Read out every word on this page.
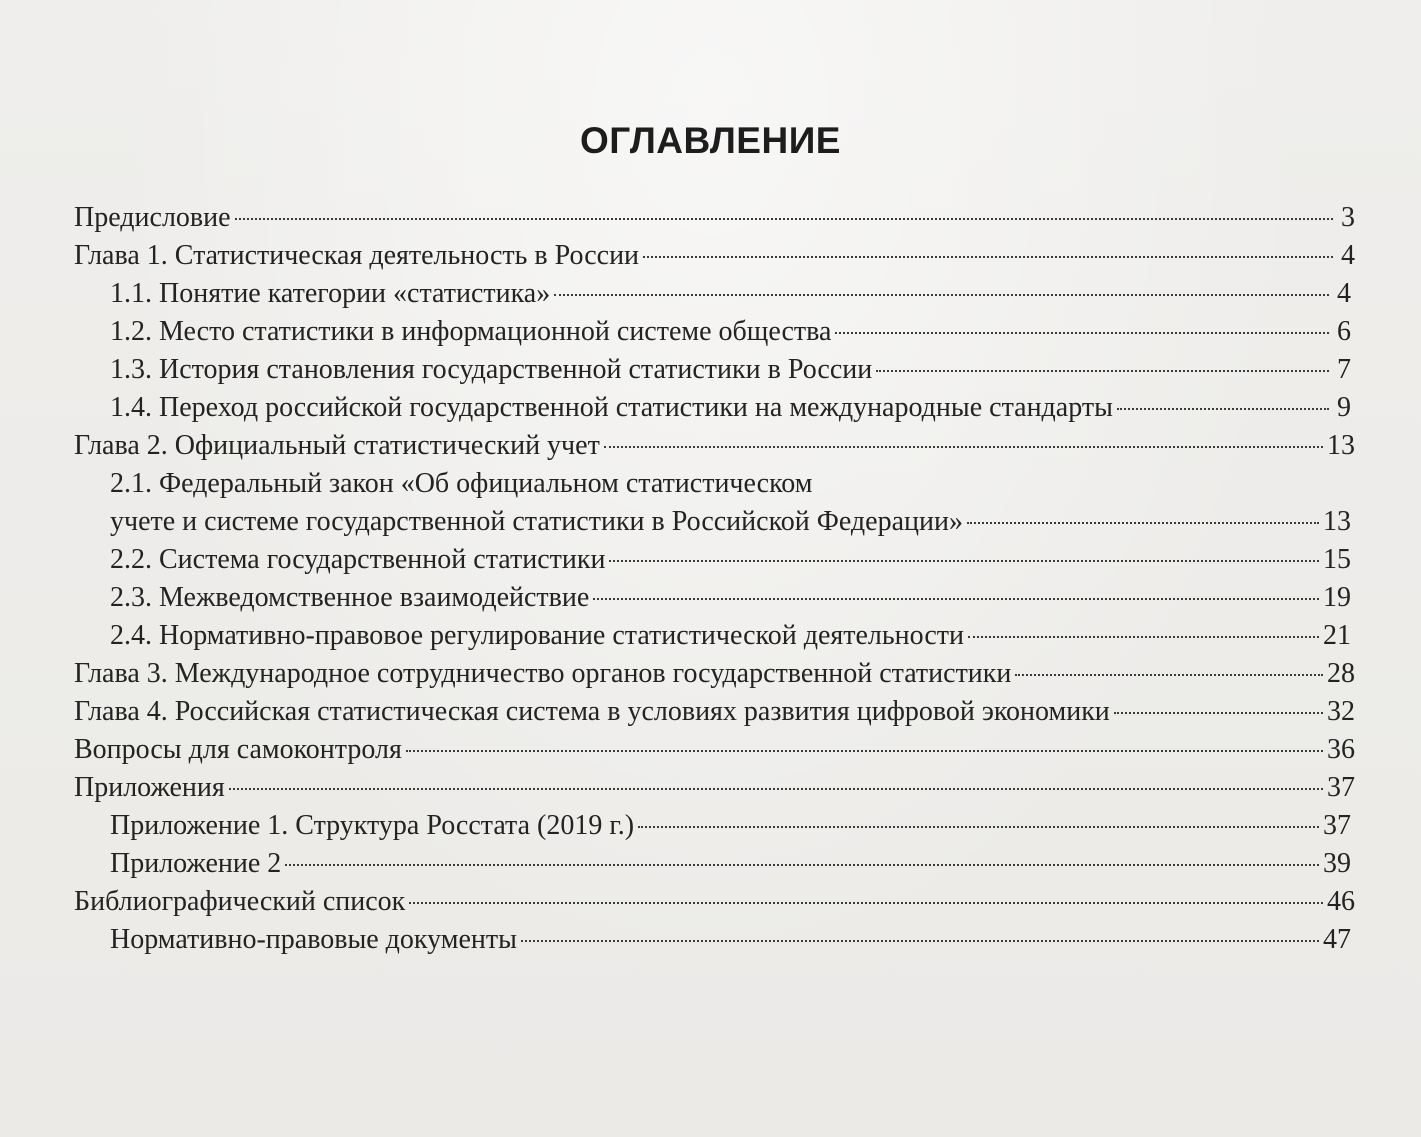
ОГЛАВЛЕНИЕ
Предисловие	3
Глава 1. Статистическая деятельность в России	4
1.1. Понятие категории «статистика»	4
1.2. Место статистики в информационной системе общества	6
1.3. История становления государственной статистики в России	7
1.4. Переход российской государственной статистики на международные стандарты	9
Глава 2. Официальный статистический учет	13
2.1. Федеральный закон «Об официальном статистическом
учете и системе государственной статистики в Российской Федерации»	13
2.2. Система государственной статистики	15
2.3. Межведомственное взаимодействие	19
2.4. Нормативно-правовое регулирование статистической деятельности	21
Глава 3. Международное сотрудничество органов государственной статистики	28
Глава 4. Российская статистическая система в условиях развития цифровой экономики	32
Вопросы для самоконтроля	36
Приложения	37
Приложение 1. Структура Росстата (2019 г.)	37
Приложение 2	39
Библиографический список	46
Нормативно-правовые документы	47
